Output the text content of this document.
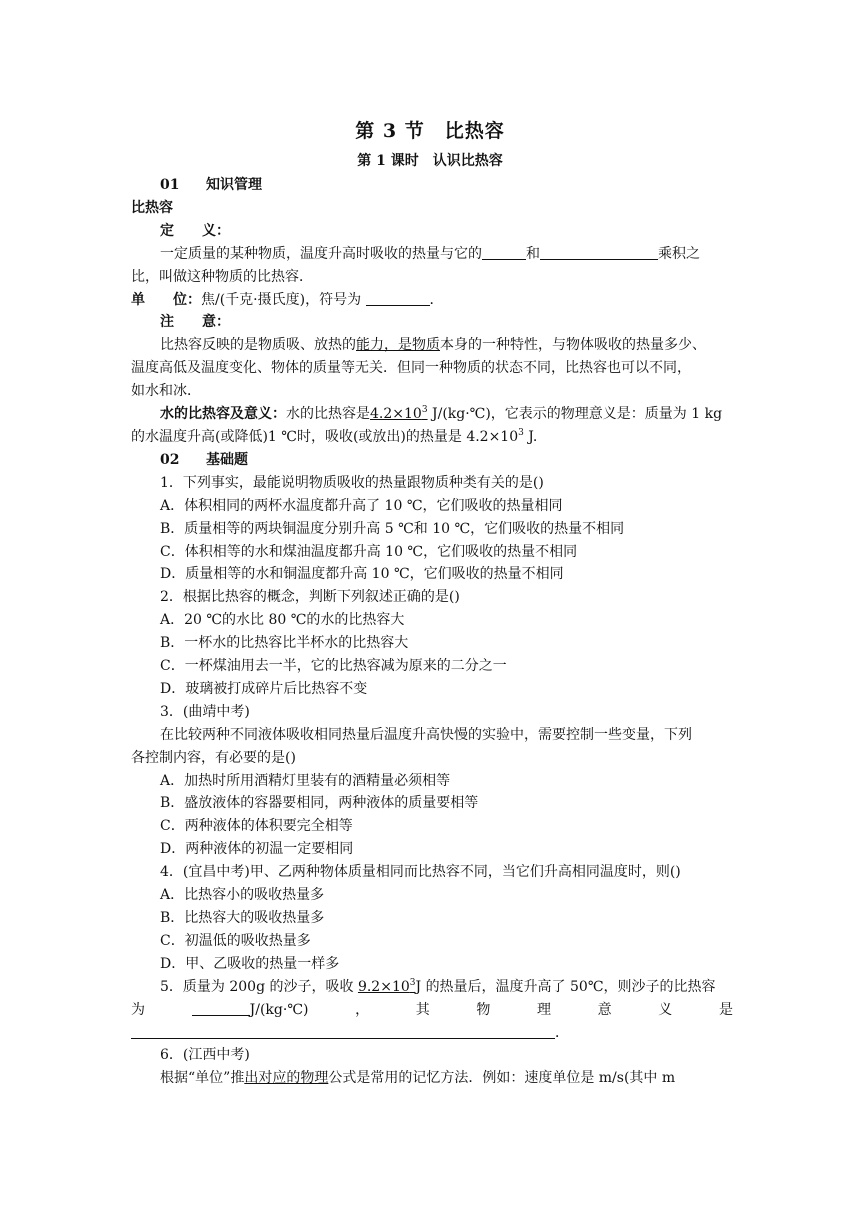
第 3 节　比热容
第 1 课时　认识比热容

01 知识管理

比热容

定　　义：

一定质量的某种物质，温度升高时吸收的热量与它的	和	乘积之

比，叫做这种物质的比热容．

单　　位：焦/(千克·摄氏度)，符号为	．

注　　意：

比热容反映的是物质吸、放热的能力，是物质本身的一种特性，与物体吸收的热量多少、

温度高低及温度变化、物体的质量等无关．但同一种物质的状态不同，比热容也可以不同，

如水和冰．

水的比热容及意义：水的比热容是$4.2\times 10^3$ J/(kg·℃)，它表示的物理意义是：质量为 1 kg

的水温度升高(或降低)1 ℃时，吸收(或放出)的热量是 $4.2\times 10^3$ J.

02 基础题

1．下列事实，最能说明物质吸收的热量跟物质种类有关的是()

A．体积相同的两杯水温度都升高了 10 ℃，它们吸收的热量相同

B．质量相等的两块铜温度分别升高 5 ℃和 10 ℃，它们吸收的热量不相同

C．体积相等的水和煤油温度都升高 10 ℃，它们吸收的热量不相同

D．质量相等的水和铜温度都升高 10 ℃，它们吸收的热量不相同

2．根据比热容的概念，判断下列叙述正确的是()

A．20 ℃的水比 80 ℃的水的比热容大

B．一杯水的比热容比半杯水的比热容大

C．一杯煤油用去一半，它的比热容减为原来的二分之一

D．玻璃被打成碎片后比热容不变

3．(曲靖中考)

在比较两种不同液体吸收相同热量后温度升高快慢的实验中，需要控制一些变量，下列

各控制内容，有必要的是()

A．加热时所用酒精灯里装有的酒精量必须相等

B．盛放液体的容器要相同，两种液体的质量要相等

C．两种液体的体积要完全相等

D．两种液体的初温一定要相同

4．(宜昌中考)甲、乙两种物体质量相同而比热容不同，当它们升高相同温度时，则()

A．比热容小的吸收热量多

B．比热容大的吸收热量多

C．初温低的吸收热量多

D．甲、乙吸收的热量一样多

5．质量为 200g 的沙子，吸收 $9.2\times 10^3J$ 的热量后，温度升高了 50℃，则沙子的比热容

为	J/(kg·℃)	，	其	物	理	意	义	是

．

6．(江西中考)

根据“单位”推出对应的物理公式是常用的记忆方法．例如：速度单位是 m/s(其中 m
